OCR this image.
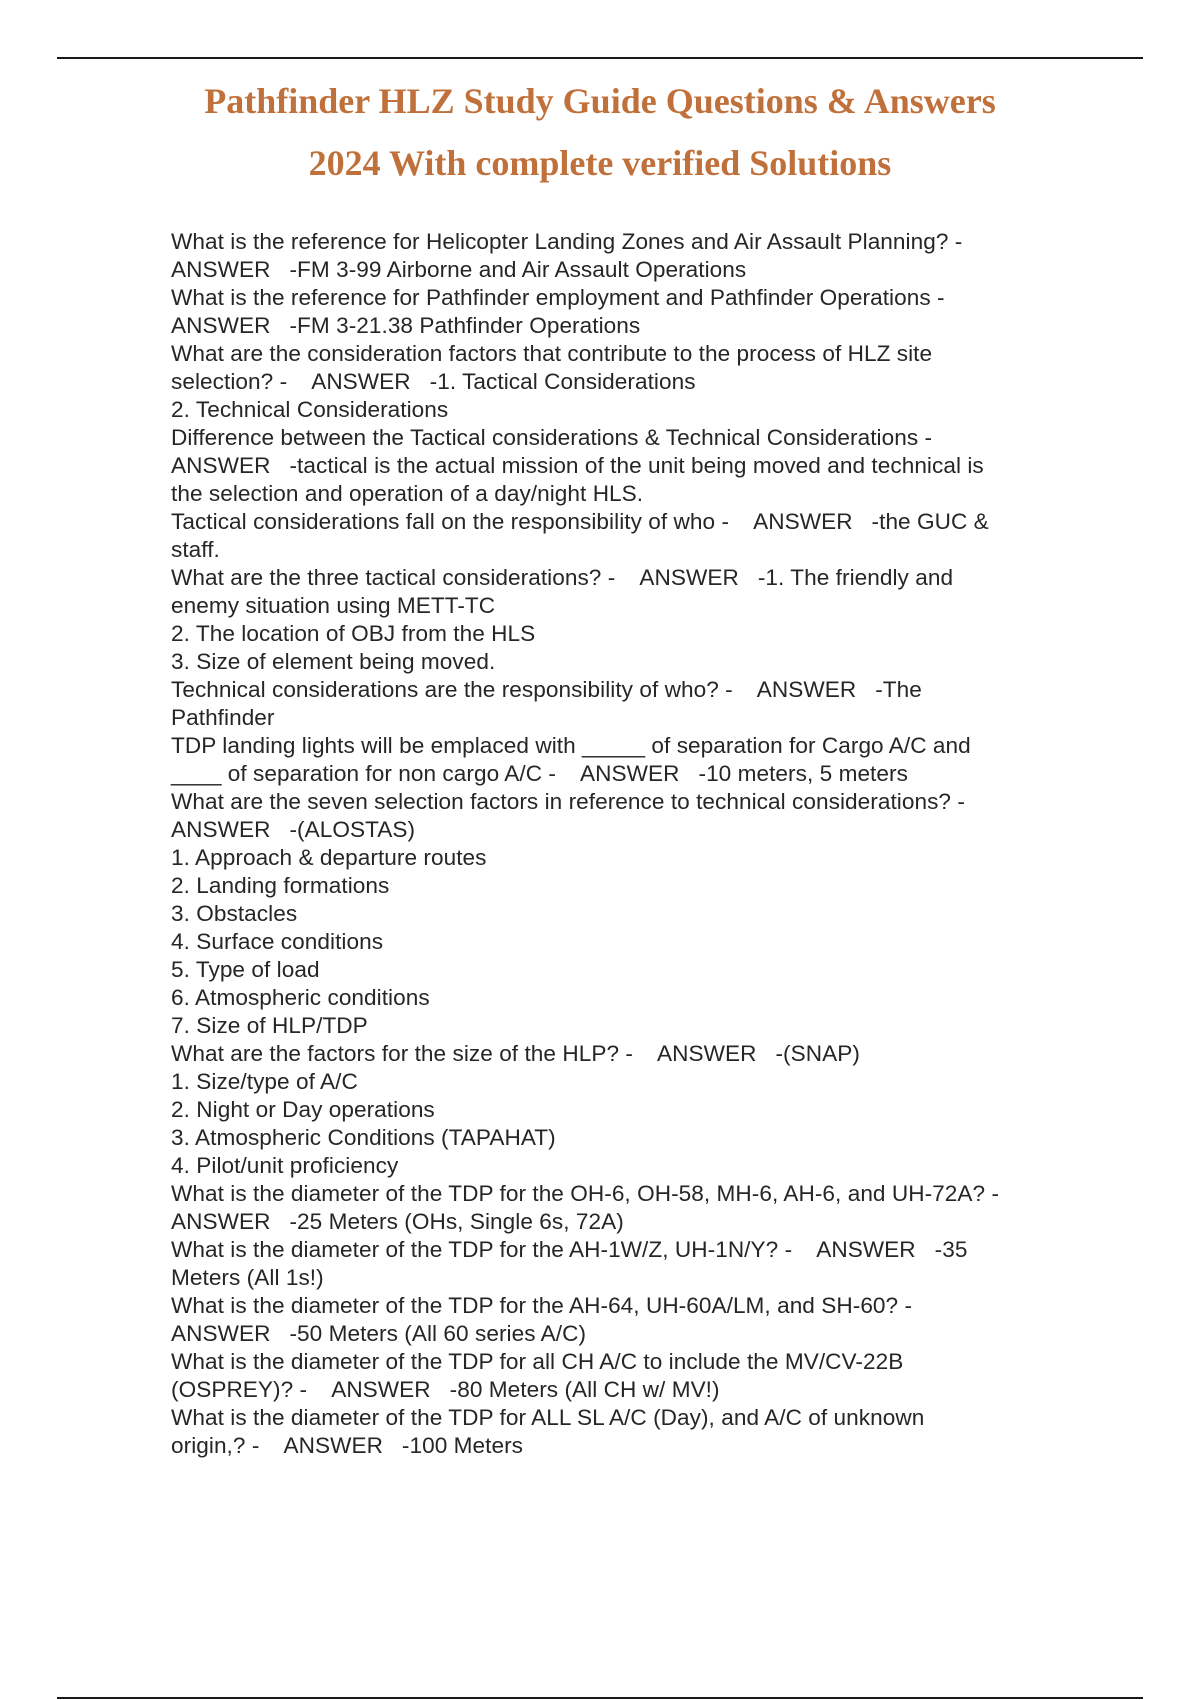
Pathfinder HLZ Study Guide Questions & Answers
2024 With complete verified Solutions
What is the reference for Helicopter Landing Zones and Air Assault Planning? -
ANSWER   -FM 3-99 Airborne and Air Assault Operations
What is the reference for Pathfinder employment and Pathfinder Operations -
ANSWER   -FM 3-21.38 Pathfinder Operations
What are the consideration factors that contribute to the process of HLZ site
selection? -    ANSWER   -1. Tactical Considerations
2. Technical Considerations
Difference between the Tactical considerations & Technical Considerations -
ANSWER   -tactical is the actual mission of the unit being moved and technical is
the selection and operation of a day/night HLS.
Tactical considerations fall on the responsibility of who -    ANSWER   -the GUC &
staff.
What are the three tactical considerations? -    ANSWER   -1. The friendly and
enemy situation using METT-TC
2. The location of OBJ from the HLS
3. Size of element being moved.
Technical considerations are the responsibility of who? -    ANSWER   -The
Pathfinder
TDP landing lights will be emplaced with _____ of separation for Cargo A/C and
____ of separation for non cargo A/C -    ANSWER   -10 meters, 5 meters
What are the seven selection factors in reference to technical considerations? -
ANSWER   -(ALOSTAS)
1. Approach & departure routes
2. Landing formations
3. Obstacles
4. Surface conditions
5. Type of load
6. Atmospheric conditions
7. Size of HLP/TDP
What are the factors for the size of the HLP? -    ANSWER   -(SNAP)
1. Size/type of A/C
2. Night or Day operations
3. Atmospheric Conditions (TAPAHAT)
4. Pilot/unit proficiency
What is the diameter of the TDP for the OH-6, OH-58, MH-6, AH-6, and UH-72A? -
ANSWER   -25 Meters (OHs, Single 6s, 72A)
What is the diameter of the TDP for the AH-1W/Z, UH-1N/Y? -    ANSWER   -35
Meters (All 1s!)
What is the diameter of the TDP for the AH-64, UH-60A/LM, and SH-60? -
ANSWER   -50 Meters (All 60 series A/C)
What is the diameter of the TDP for all CH A/C to include the MV/CV-22B
(OSPREY)? -    ANSWER   -80 Meters (All CH w/ MV!)
What is the diameter of the TDP for ALL SL A/C (Day), and A/C of unknown
origin,? -    ANSWER   -100 Meters
